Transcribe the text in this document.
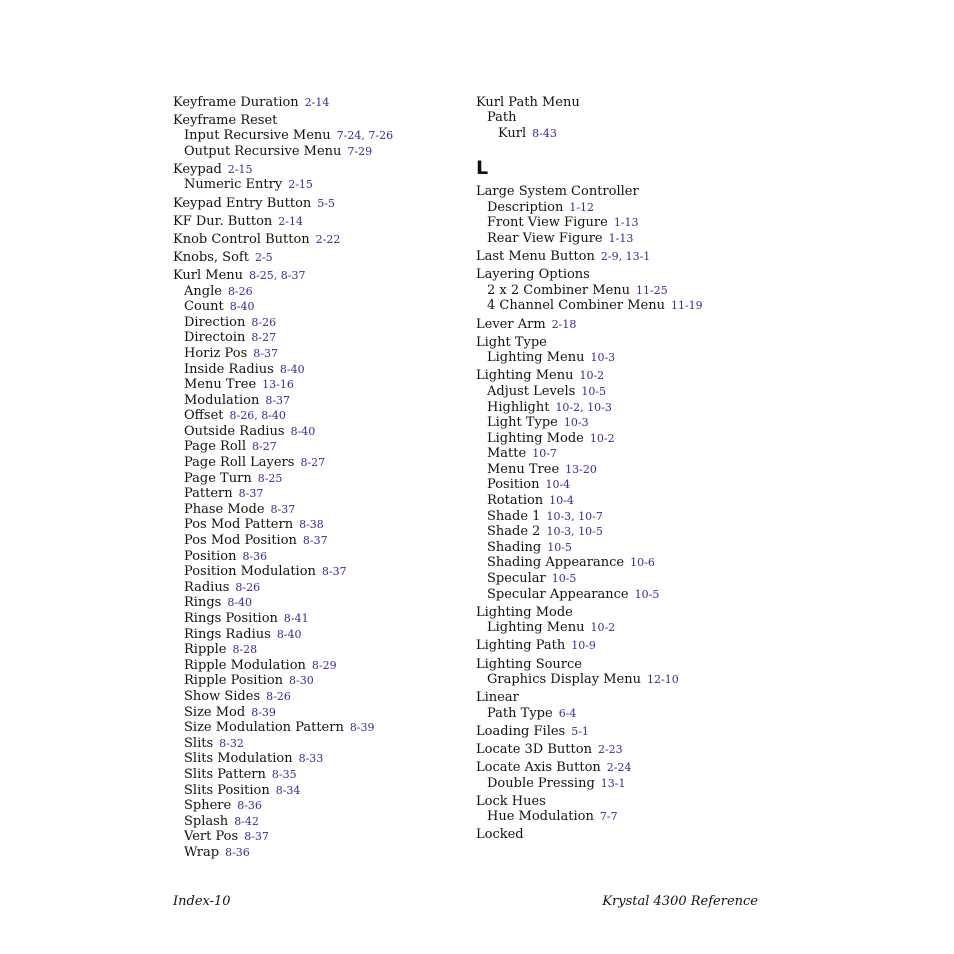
Keyframe Duration 2-14
Keyframe Reset
Input Recursive Menu 7-24, 7-26
Output Recursive Menu 7-29
Keypad 2-15
Numeric Entry 2-15
Keypad Entry Button 5-5
KF Dur. Button 2-14
Knob Control Button 2-22
Knobs, Soft 2-5
Kurl Menu 8-25, 8-37
Angle 8-26
Count 8-40
Direction 8-26
Directoin 8-27
Horiz Pos 8-37
Inside Radius 8-40
Menu Tree 13-16
Modulation 8-37
Offset 8-26, 8-40
Outside Radius 8-40
Page Roll 8-27
Page Roll Layers 8-27
Page Turn 8-25
Pattern 8-37
Phase Mode 8-37
Pos Mod Pattern 8-38
Pos Mod Position 8-37
Position 8-36
Position Modulation 8-37
Radius 8-26
Rings 8-40
Rings Position 8-41
Rings Radius 8-40
Ripple 8-28
Ripple Modulation 8-29
Ripple Position 8-30
Show Sides 8-26
Size Mod 8-39
Size Modulation Pattern 8-39
Slits 8-32
Slits Modulation 8-33
Slits Pattern 8-35
Slits Position 8-34
Sphere 8-36
Splash 8-42
Vert Pos 8-37
Wrap 8-36
Kurl Path Menu
Path
Kurl 8-43
L
Large System Controller
Description 1-12
Front View Figure 1-13
Rear View Figure 1-13
Last Menu Button 2-9, 13-1
Layering Options
2 x 2 Combiner Menu 11-25
4 Channel Combiner Menu 11-19
Lever Arm 2-18
Light Type
Lighting Menu 10-3
Lighting Menu 10-2
Adjust Levels 10-5
Highlight 10-2, 10-3
Light Type 10-3
Lighting Mode 10-2
Matte 10-7
Menu Tree 13-20
Position 10-4
Rotation 10-4
Shade 1 10-3, 10-7
Shade 2 10-3, 10-5
Shading 10-5
Shading Appearance 10-6
Specular 10-5
Specular Appearance 10-5
Lighting Mode
Lighting Menu 10-2
Lighting Path 10-9
Lighting Source
Graphics Display Menu 12-10
Linear
Path Type 6-4
Loading Files 5-1
Locate 3D Button 2-23
Locate Axis Button 2-24
Double Pressing 13-1
Lock Hues
Hue Modulation 7-7
Locked
Index-10	Krystal 4300 Reference
